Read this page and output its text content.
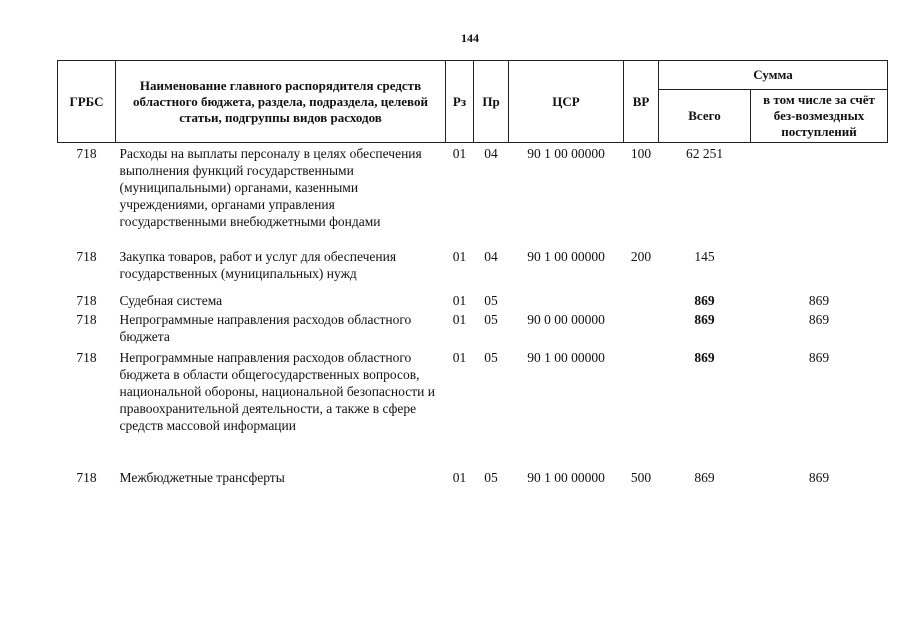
144
ГРБС	Наименование главного распорядителя средств областного бюджета, раздела, подраздела, целевой статьи, подгруппы видов расходов	Рз	Пр	ЦСР	ВР	Сумма	
						Всего	в том числе за счёт без-возмездных поступлений
718	Расходы на выплаты персоналу в целях обеспечения выполнения функций государственными (муниципальными) органами, казенными учреждениями, органами управления государственными внебюджетными фондами	01	04	90 1 00 00000	100	62 251	
718	Закупка товаров, работ и услуг для обеспечения государственных (муниципальных) нужд	01	04	90 1 00 00000	200	145	
718	Судебная система	01	05			869	869
718	Непрограммные направления расходов областного бюджета	01	05	90 0 00 00000		869	869
718	Непрограммные направления расходов областного бюджета в области общегосударственных вопросов, национальной обороны, национальной безопасности и правоохранительной деятельности, а также в сфере средств массовой информации	01	05	90 1 00 00000		869	869
718	Межбюджетные трансферты	01	05	90 1 00 00000	500	869	869
